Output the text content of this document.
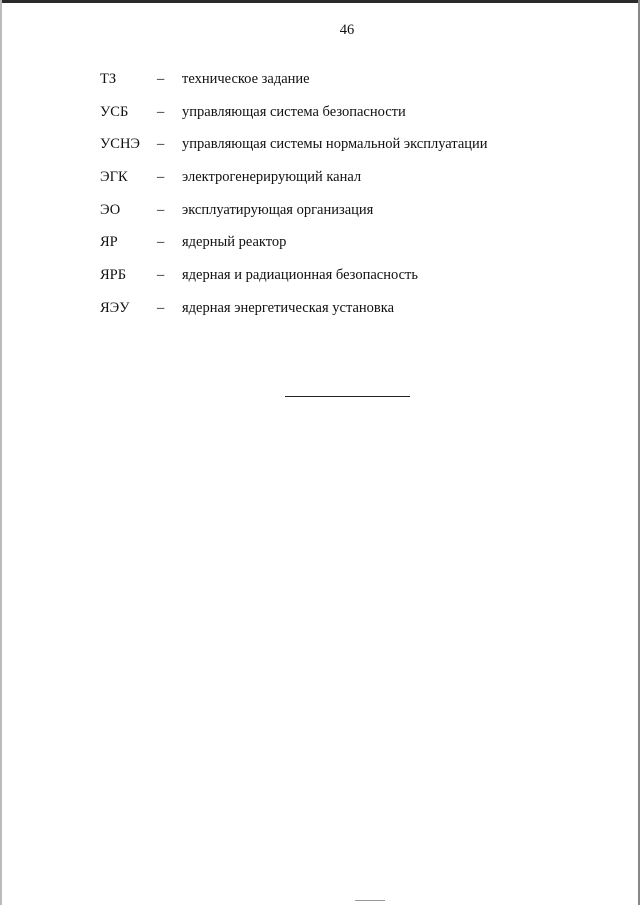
46
ТЗ	– техническое задание
УСБ – управляющая система безопасности
УСНЭ – управляющая системы нормальной эксплуатации
ЭГК – электрогенерирующий канал
ЭО	– эксплуатирующая организация
ЯР	– ядерный реактор
ЯРБ – ядерная и радиационная безопасность
ЯЭУ – ядерная энергетическая установка
